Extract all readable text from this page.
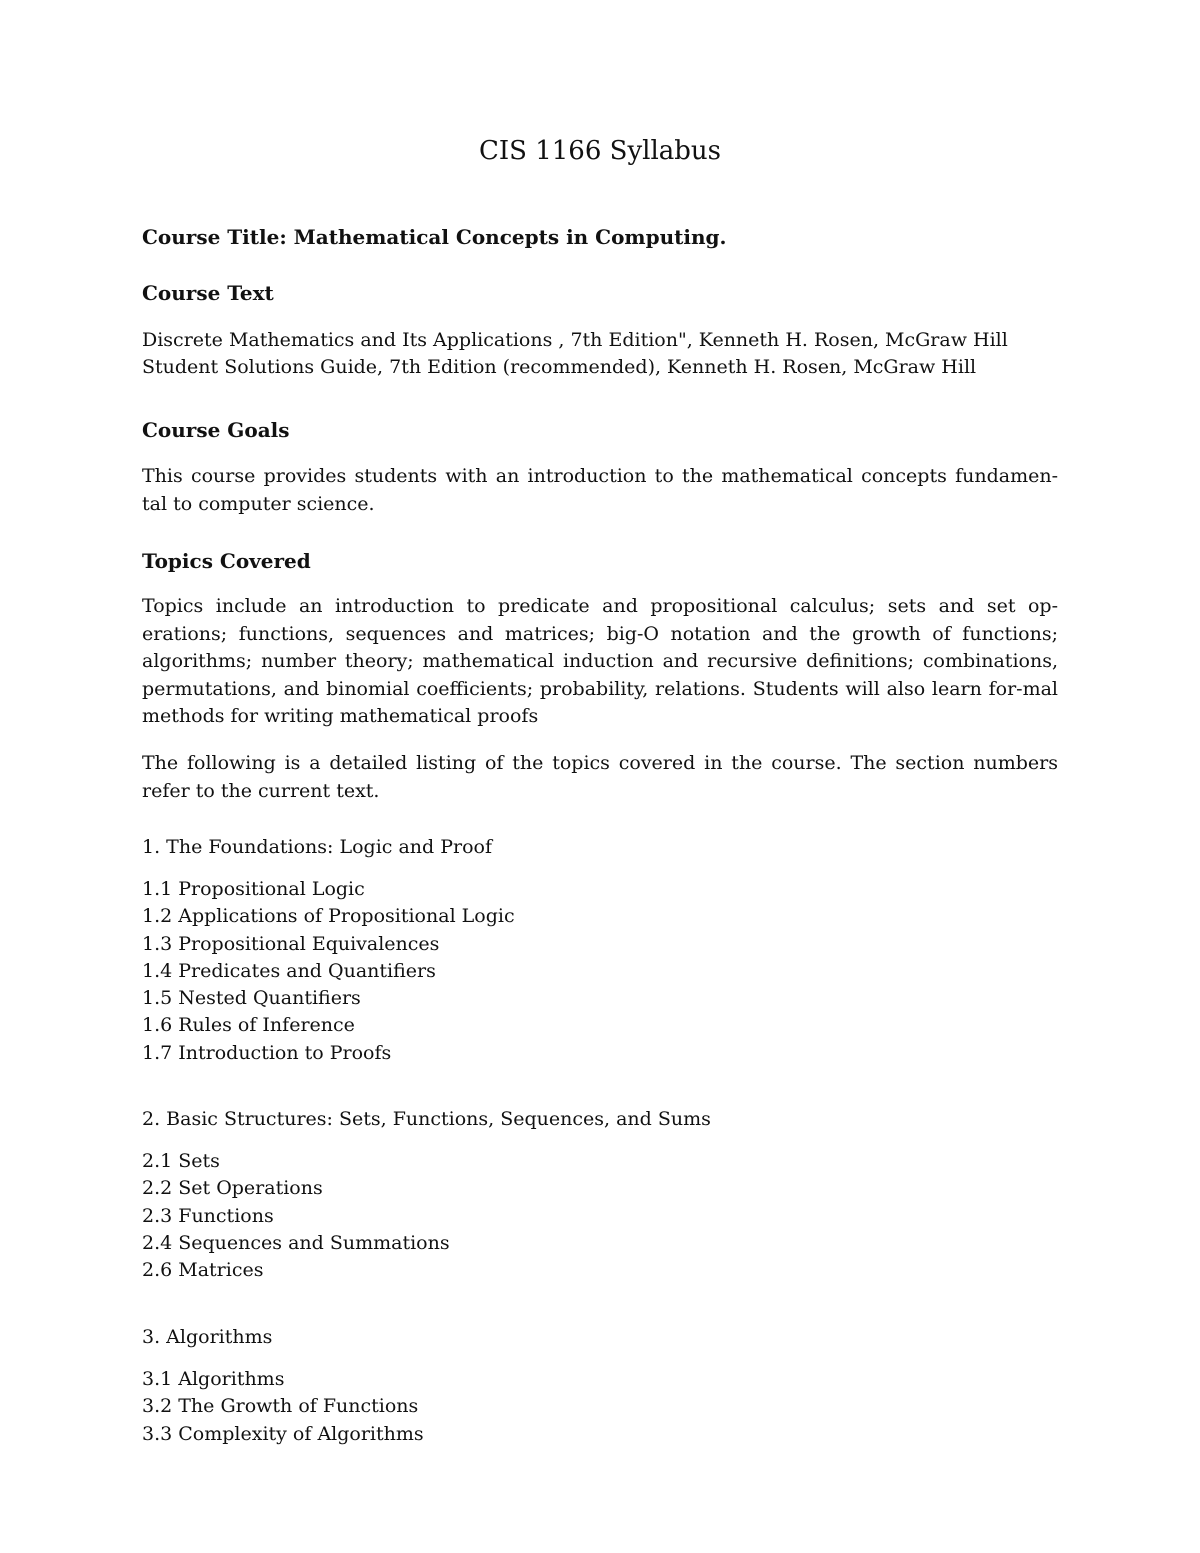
CIS 1166 Syllabus
Course Title: Mathematical Concepts in Computing.
Course Text
Discrete Mathematics and Its Applications , 7th Edition", Kenneth H. Rosen, McGraw Hill
Student Solutions Guide, 7th Edition (recommended), Kenneth H. Rosen, McGraw Hill
Course Goals

This course provides students with an introduction to the mathematical concepts fundamen-tal to computer science.

Topics Covered

Topics include an introduction to predicate and propositional calculus; sets and set op-erations; functions, sequences and matrices; big-O notation and the growth of functions; algorithms; number theory; mathematical induction and recursive definitions; combinations, permutations, and binomial coefficients; probability, relations. Students will also learn for-mal methods for writing mathematical proofs

The following is a detailed listing of the topics covered in the course. The section numbers refer to the current text.

1. The Foundations: Logic and Proof
1.1 Propositional Logic
1.2 Applications of Propositional Logic
1.3 Propositional Equivalences
1.4 Predicates and Quantifiers
1.5 Nested Quantifiers
1.6 Rules of Inference
1.7 Introduction to Proofs
2. Basic Structures: Sets, Functions, Sequences, and Sums
2.1 Sets
2.2 Set Operations
2.3 Functions
2.4 Sequences and Summations
2.6 Matrices
3. Algorithms
3.1 Algorithms
3.2 The Growth of Functions
3.3 Complexity of Algorithms
